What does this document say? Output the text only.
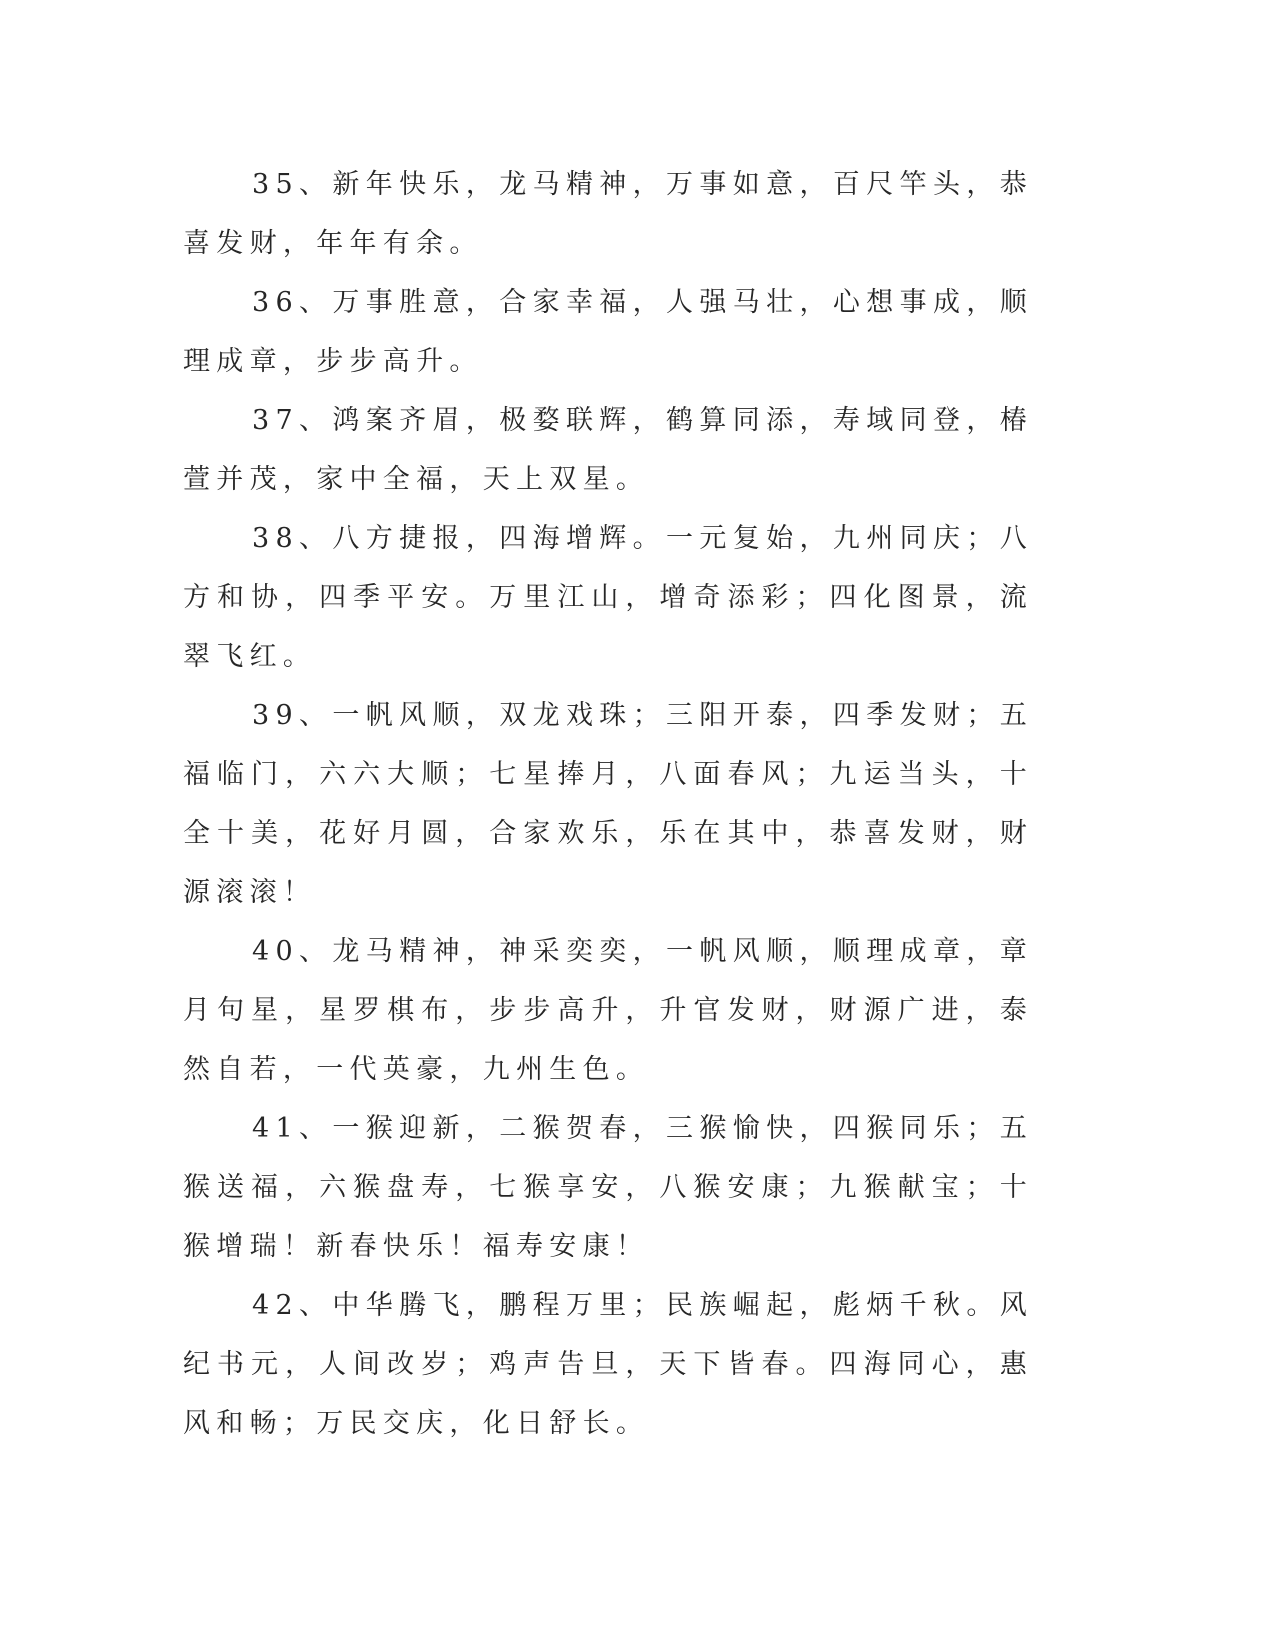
35、新年快乐，龙马精神，万事如意，百尺竿头，恭喜发财，年年有余。

36、万事胜意，合家幸福，人强马壮，心想事成，顺理成章，步步高升。

37、鸿案齐眉，极婺联辉，鹤算同添，寿域同登，椿萱并茂，家中全福，天上双星。

38、八方捷报，四海增辉。一元复始，九州同庆；八方和协，四季平安。万里江山，增奇添彩；四化图景，流翠飞红。

39、一帆风顺，双龙戏珠；三阳开泰，四季发财；五福临门，六六大顺；七星捧月，八面春风；九运当头，十全十美，花好月圆，合家欢乐，乐在其中，恭喜发财，财源滚滚！

40、龙马精神，神采奕奕，一帆风顺，顺理成章，章月句星，星罗棋布，步步高升，升官发财，财源广进，泰然自若，一代英豪，九州生色。

41、一猴迎新，二猴贺春，三猴愉快，四猴同乐；五猴送福，六猴盘寿，七猴享安，八猴安康；九猴献宝；十猴增瑞！新春快乐！福寿安康！

42、中华腾飞，鹏程万里；民族崛起，彪炳千秋。风纪书元，人间改岁；鸡声告旦，天下皆春。四海同心，惠风和畅；万民交庆，化日舒长。
